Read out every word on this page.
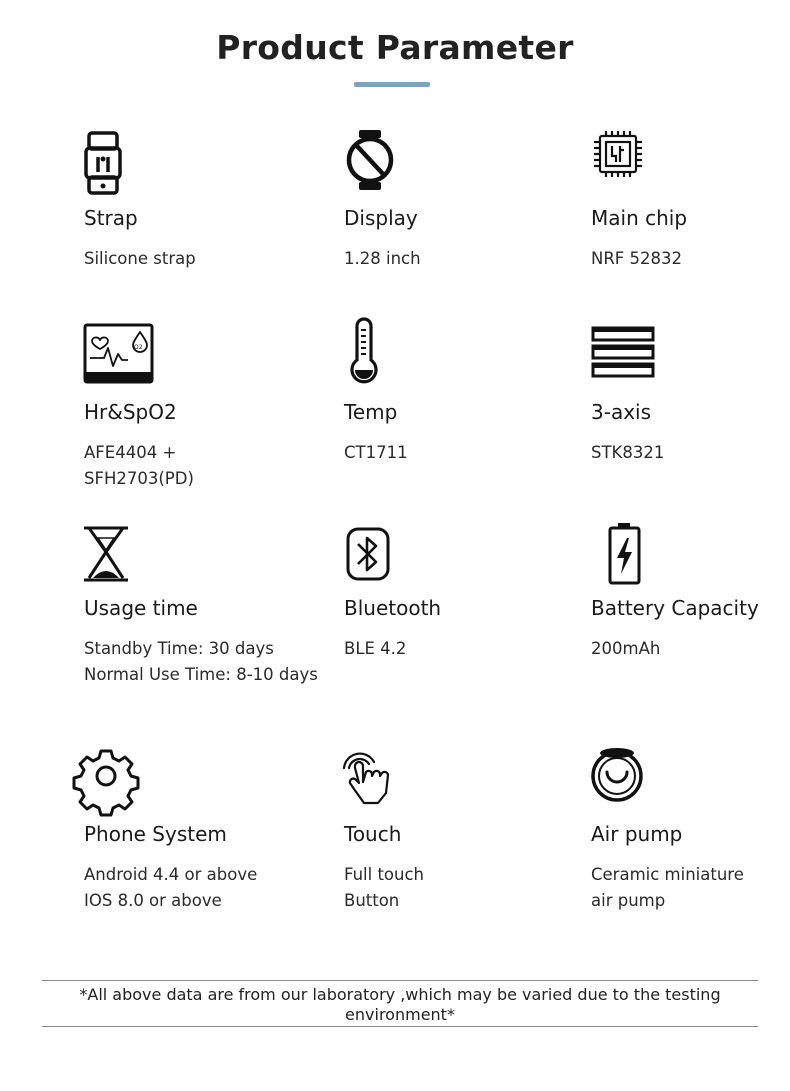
Product Parameter
Strap
Silicone strap
Display
1.28 inch
Main chip
NRF 52832
O2
Hr&SpO2
AFE4404 +
SFH2703(PD)
Temp
CT1711
3-axis
STK8321
Usage time
Standby Time: 30 days
Normal Use Time: 8-10 days
Bluetooth
BLE 4.2
Battery Capacity
200mAh
Phone System
Android 4.4 or above
IOS 8.0 or above
Touch
Full touch
Button
Air pump
Ceramic miniature
air pump
*All above data are from our laboratory ,which may be varied due to the testing
environment*
